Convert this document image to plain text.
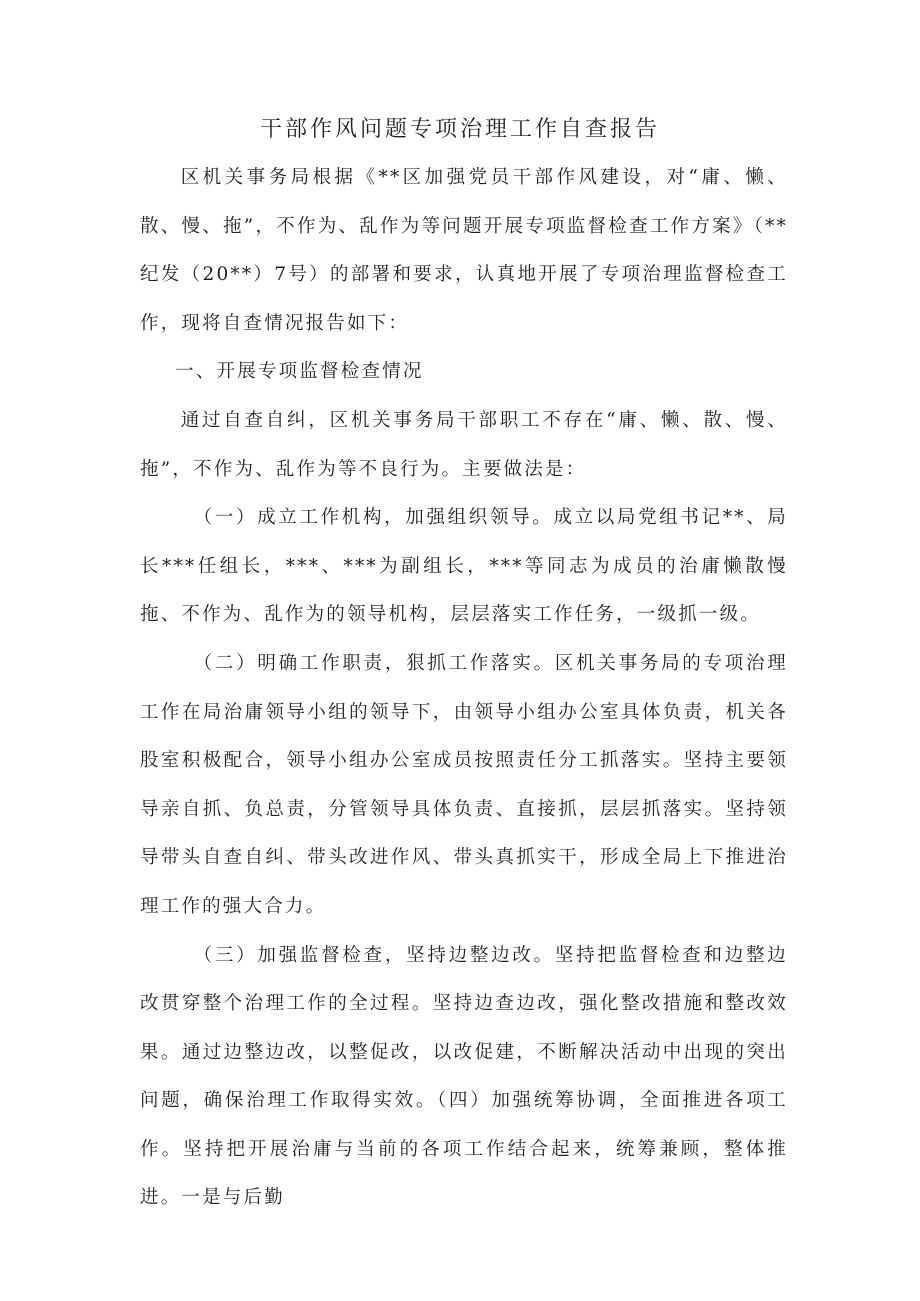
干部作风问题专项治理工作自查报告

区机关事务局根据《**区加强党员干部作风建设，对“庸、懒、散、慢、拖”，不作为、乱作为等问题开展专项监督检查工作方案》（**纪发（20**）7号）的部署和要求，认真地开展了专项治理监督检查工作，现将自查情况报告如下：

一、开展专项监督检查情况

通过自查自纠，区机关事务局干部职工不存在“庸、懒、散、慢、拖”，不作为、乱作为等不良行为。主要做法是：

（一）成立工作机构，加强组织领导。成立以局党组书记**、局长***任组长，***、***为副组长，***等同志为成员的治庸懒散慢拖、不作为、乱作为的领导机构，层层落实工作任务，一级抓一级。

（二）明确工作职责，狠抓工作落实。区机关事务局的专项治理工作在局治庸领导小组的领导下，由领导小组办公室具体负责，机关各股室积极配合，领导小组办公室成员按照责任分工抓落实。坚持主要领导亲自抓、负总责，分管领导具体负责、直接抓，层层抓落实。坚持领导带头自查自纠、带头改进作风、带头真抓实干，形成全局上下推进治理工作的强大合力。

（三）加强监督检查，坚持边整边改。坚持把监督检查和边整边改贯穿整个治理工作的全过程。坚持边查边改，强化整改措施和整改效果。通过边整边改，以整促改，以改促建，不断解决活动中出现的突出问题，确保治理工作取得实效。（四）加强统筹协调，全面推进各项工作。坚持把开展治庸与当前的各项工作结合起来，统筹兼顾，整体推进。一是与后勤
